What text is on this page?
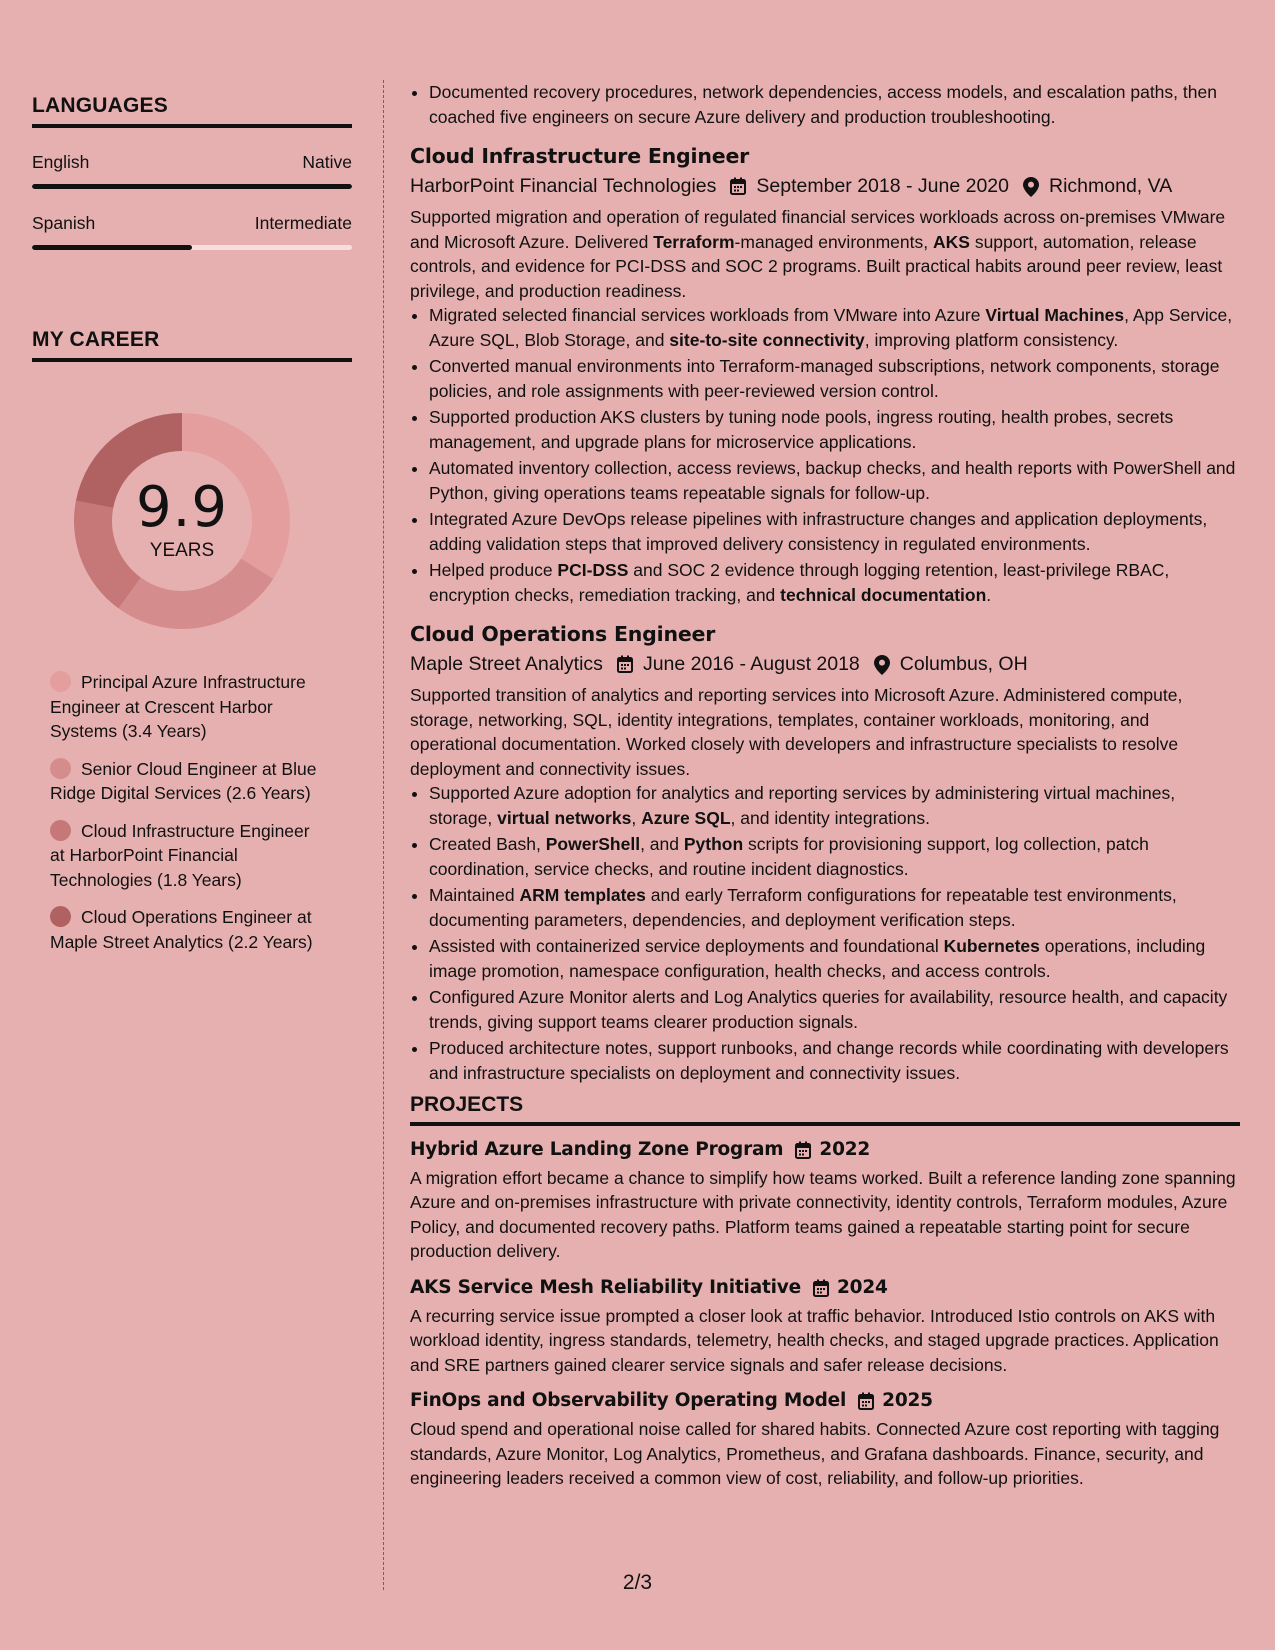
LANGUAGES
English	Native
Spanish	Intermediate
MY CAREER
9.9
YEARS
Principal Azure Infrastructure Engineer at Crescent Harbor Systems (3.4 Years)
Senior Cloud Engineer at Blue Ridge Digital Services (2.6 Years)
Cloud Infrastructure Engineer at HarborPoint Financial Technologies (1.8 Years)
Cloud Operations Engineer at Maple Street Analytics (2.2 Years)
• Documented recovery procedures, network dependencies, access models, and escalation paths, then coached five engineers on secure Azure delivery and production troubleshooting.
Cloud Infrastructure Engineer
HarborPoint Financial Technologies September 2018 - June 2020 Richmond, VA
Supported migration and operation of regulated financial services workloads across on-premises VMware and Microsoft Azure. Delivered Terraform-managed environments, AKS support, automation, release controls, and evidence for PCI-DSS and SOC 2 programs. Built practical habits around peer review, least privilege, and production readiness.
• Migrated selected financial services workloads from VMware into Azure Virtual Machines, App Service, Azure SQL, Blob Storage, and site-to-site connectivity, improving platform consistency.
• Converted manual environments into Terraform-managed subscriptions, network components, storage policies, and role assignments with peer-reviewed version control.
• Supported production AKS clusters by tuning node pools, ingress routing, health probes, secrets management, and upgrade plans for microservice applications.
• Automated inventory collection, access reviews, backup checks, and health reports with PowerShell and Python, giving operations teams repeatable signals for follow-up.
• Integrated Azure DevOps release pipelines with infrastructure changes and application deployments, adding validation steps that improved delivery consistency in regulated environments.
• Helped produce PCI-DSS and SOC 2 evidence through logging retention, least-privilege RBAC, encryption checks, remediation tracking, and technical documentation.
Cloud Operations Engineer
Maple Street Analytics June 2016 - August 2018 Columbus, OH
Supported transition of analytics and reporting services into Microsoft Azure. Administered compute, storage, networking, SQL, identity integrations, templates, container workloads, monitoring, and operational documentation. Worked closely with developers and infrastructure specialists to resolve deployment and connectivity issues.
• Supported Azure adoption for analytics and reporting services by administering virtual machines, storage, virtual networks, Azure SQL, and identity integrations.
• Created Bash, PowerShell, and Python scripts for provisioning support, log collection, patch coordination, service checks, and routine incident diagnostics.
• Maintained ARM templates and early Terraform configurations for repeatable test environments, documenting parameters, dependencies, and deployment verification steps.
• Assisted with containerized service deployments and foundational Kubernetes operations, including image promotion, namespace configuration, health checks, and access controls.
• Configured Azure Monitor alerts and Log Analytics queries for availability, resource health, and capacity trends, giving support teams clearer production signals.
• Produced architecture notes, support runbooks, and change records while coordinating with developers and infrastructure specialists on deployment and connectivity issues.
PROJECTS
Hybrid Azure Landing Zone Program 2022
A migration effort became a chance to simplify how teams worked. Built a reference landing zone spanning Azure and on-premises infrastructure with private connectivity, identity controls, Terraform modules, Azure Policy, and documented recovery paths. Platform teams gained a repeatable starting point for secure production delivery.
AKS Service Mesh Reliability Initiative 2024
A recurring service issue prompted a closer look at traffic behavior. Introduced Istio controls on AKS with workload identity, ingress standards, telemetry, health checks, and staged upgrade practices. Application and SRE partners gained clearer service signals and safer release decisions.
FinOps and Observability Operating Model 2025
Cloud spend and operational noise called for shared habits. Connected Azure cost reporting with tagging standards, Azure Monitor, Log Analytics, Prometheus, and Grafana dashboards. Finance, security, and engineering leaders received a common view of cost, reliability, and follow-up priorities.
2/3
